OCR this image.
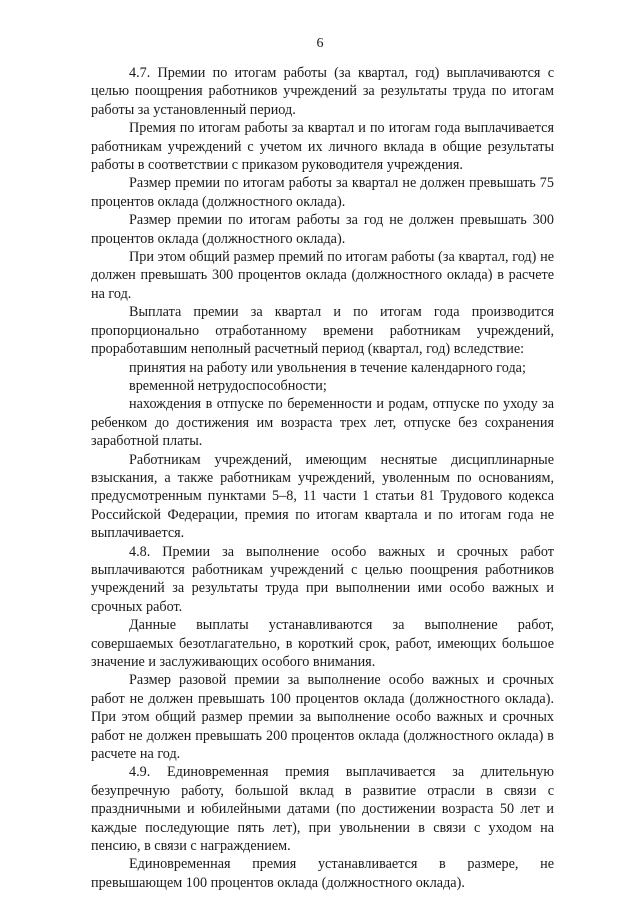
6

4.7. Премии по итогам работы (за квартал, год) выплачиваются с целью поощрения работников учреждений за результаты труда по итогам работы за установленный период.

Премия по итогам работы за квартал и по итогам года выплачивается работникам учреждений с учетом их личного вклада в общие результаты работы в соответствии с приказом руководителя учреждения.

Размер премии по итогам работы за квартал не должен превышать 75 процентов оклада (должностного оклада).

Размер премии по итогам работы за год не должен превышать 300 процентов оклада (должностного оклада).

При этом общий размер премий по итогам работы (за квартал, год) не должен превышать 300 процентов оклада (должностного оклада) в расчете на год.

Выплата премии за квартал и по итогам года производится пропорционально отработанному времени работникам учреждений, проработавшим неполный расчетный период (квартал, год) вследствие:

принятия на работу или увольнения в течение календарного года;

временной нетрудоспособности;

нахождения в отпуске по беременности и родам, отпуске по уходу за ребенком до достижения им возраста трех лет, отпуске без сохранения заработной платы.

Работникам учреждений, имеющим неснятые дисциплинарные взыскания, а также работникам учреждений, уволенным по основаниям, предусмотренным пунктами 5–8, 11 части 1 статьи 81 Трудового кодекса Российской Федерации, премия по итогам квартала и по итогам года не выплачивается.

4.8. Премии за выполнение особо важных и срочных работ выплачиваются работникам учреждений с целью поощрения работников учреждений за результаты труда при выполнении ими особо важных и срочных работ.

Данные выплаты устанавливаются за выполнение работ, совершаемых безотлагательно, в короткий срок, работ, имеющих большое значение и заслуживающих особого внимания.

Размер разовой премии за выполнение особо важных и срочных работ не должен превышать 100 процентов оклада (должностного оклада). При этом общий размер премии за выполнение особо важных и срочных работ не должен превышать 200 процентов оклада (должностного оклада) в расчете на год.

4.9. Единовременная премия выплачивается за длительную безупречную работу, большой вклад в развитие отрасли в связи с праздничными и юбилейными датами (по достижении возраста 50 лет и каждые последующие пять лет), при увольнении в связи с уходом на пенсию, в связи с награждением.

Единовременная премия устанавливается в размере, не превышающем 100 процентов оклада (должностного оклада).
